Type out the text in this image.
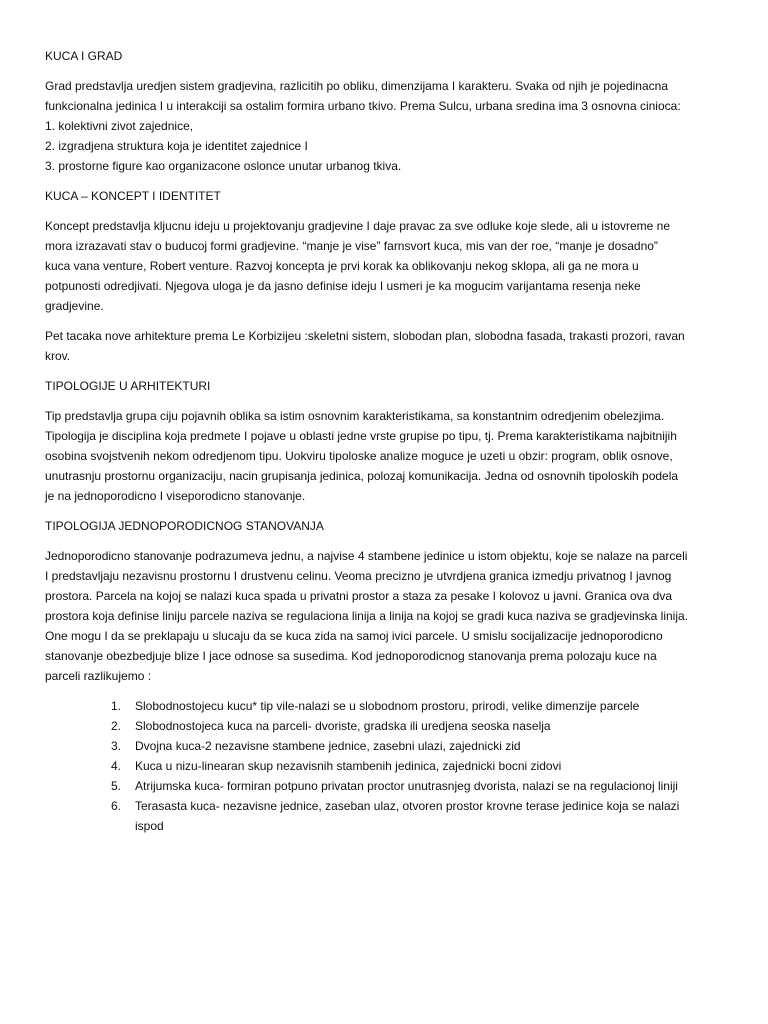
KUCA I GRAD
Grad predstavlja uredjen sistem gradjevina, razlicitih po obliku, dimenzijama I karakteru. Svaka od njih je pojedinacna
funkcionalna jedinica I u interakciji sa ostalim formira urbano tkivo. Prema Sulcu, urbana sredina ima 3 osnovna cinioca:
1. kolektivni zivot zajednice,
2. izgradjena struktura koja je identitet zajednice I
3. prostorne figure kao organizacone oslonce unutar urbanog tkiva.
KUCA – KONCEPT I IDENTITET
Koncept predstavlja kljucnu ideju u projektovanju gradjevine I daje pravac za sve odluke koje slede, ali u istovreme ne
mora izrazavati stav o buducoj formi gradjevine. “manje je vise” farnsvort kuca, mis van der roe, “manje je dosadno”
kuca vana venture, Robert venture. Razvoj koncepta je prvi korak ka oblikovanju nekog sklopa, ali ga ne mora u
potpunosti odredjivati. Njegova uloga je da jasno definise ideju I usmeri je ka mogucim varijantama resenja neke
gradjevine.
Pet tacaka nove arhitekture prema Le Korbizijeu :skeletni sistem, slobodan plan, slobodna fasada, trakasti prozori, ravan
krov.
TIPOLOGIJE U ARHITEKTURI
Tip predstavlja grupa ciju pojavnih oblika sa istim osnovnim karakteristikama, sa konstantnim odredjenim obelezjima.
Tipologija je disciplina koja predmete I pojave u oblasti jedne vrste grupise po tipu, tj. Prema karakteristikama najbitnijih
osobina svojstvenih nekom odredjenom tipu. Uokviru tipoloske analize moguce je uzeti u obzir: program, oblik osnove,
unutrasnju prostornu organizaciju, nacin grupisanja jedinica, polozaj komunikacija. Jedna od osnovnih tipoloskih podela
je na jednoporodicno I viseporodicno stanovanje.
TIPOLOGIJA JEDNOPORODICNOG STANOVANJA
Jednoporodicno stanovanje podrazumeva jednu, a najvise 4 stambene jedinice u istom objektu, koje se nalaze na parceli
I predstavljaju nezavisnu prostornu I drustvenu celinu. Veoma precizno je utvrdjena granica izmedju privatnog I javnog
prostora. Parcela na kojoj se nalazi kuca spada u privatni prostor a staza za pesake I kolovoz u javni. Granica ova dva
prostora koja definise liniju parcele naziva se regulaciona linija a linija na kojoj se gradi kuca naziva se gradjevinska linija.
One mogu I da se preklapaju u slucaju da se kuca zida na samoj ivici parcele. U smislu socijalizacije jednoporodicno
stanovanje obezbedjuje blize I jace odnose sa susedima. Kod jednoporodicnog stanovanja prema polozaju kuce na
parceli razlikujemo :
1. Slobodnostojecu kucu* tip vile-nalazi se u slobodnom prostoru, prirodi, velike dimenzije parcele
2. Slobodnostojeca kuca na parceli- dvoriste, gradska ili uredjena seoska naselja
3. Dvojna kuca-2 nezavisne stambene jednice, zasebni ulazi, zajednicki zid
4. Kuca u nizu-linearan skup nezavisnih stambenih jedinica, zajednicki bocni zidovi
5. Atrijumska kuca- formiran potpuno privatan proctor unutrasnjeg dvorista, nalazi se na regulacionoj liniji
6. Terasasta kuca- nezavisne jednice, zaseban ulaz, otvoren prostor krovne terase jedinice koja se nalazi
ispod
